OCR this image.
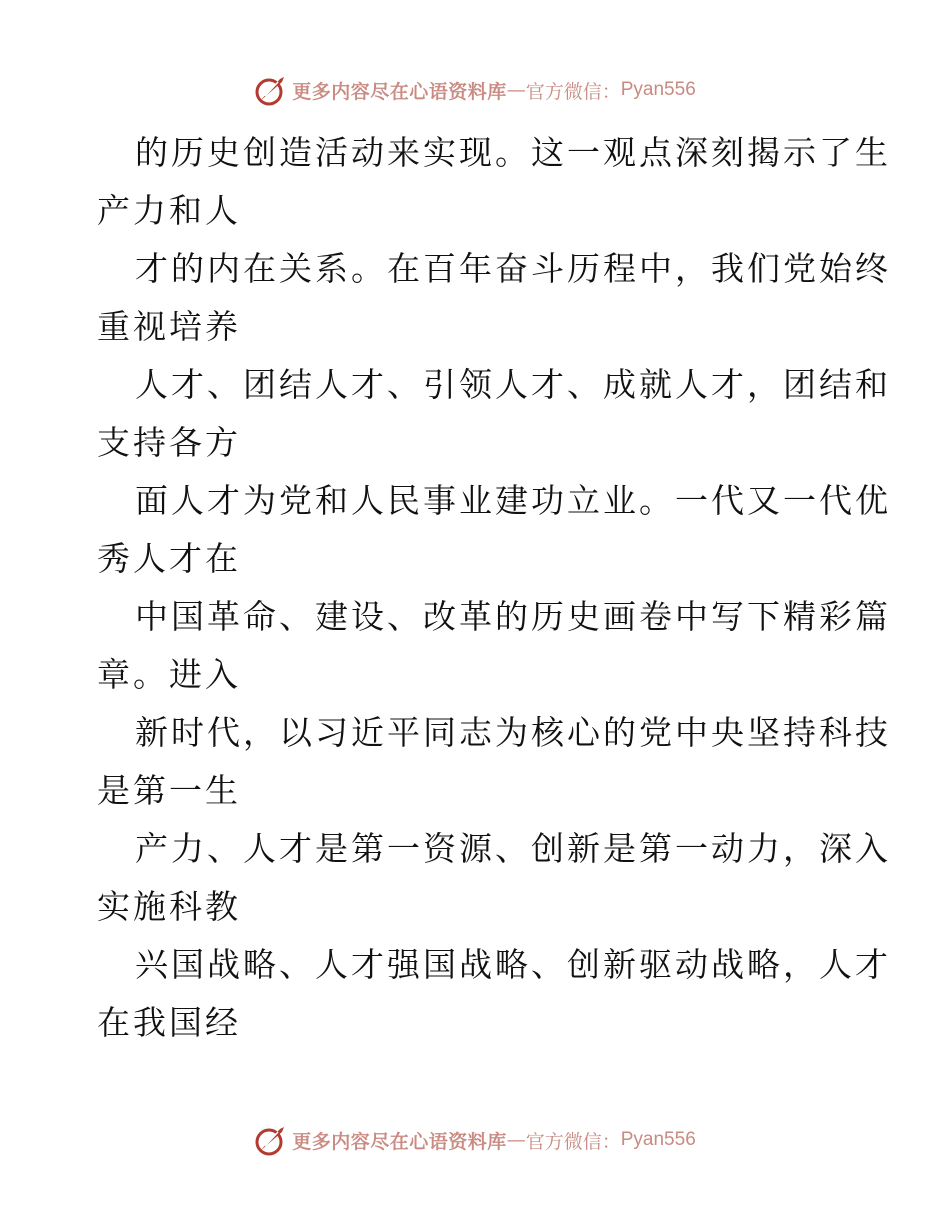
更多内容尽在心语资料库 — 官方微信： Pyan556
的历史创造活动来实现。这一观点深刻揭示了生
产力和人
才的内在关系。在百年奋斗历程中，我们党始终
重视培养
人才、团结人才、引领人才、成就人才，团结和
支持各方
面人才为党和人民事业建功立业。一代又一代优
秀人才在
中国革命、建设、改革的历史画卷中写下精彩篇
章。进入
新时代，以习近平同志为核心的党中央坚持科技
是第一生
产力、人才是第一资源、创新是第一动力，深入
实施科教
兴国战略、人才强国战略、创新驱动战略，人才
在我国经
更多内容尽在心语资料库 — 官方微信： Pyan556
